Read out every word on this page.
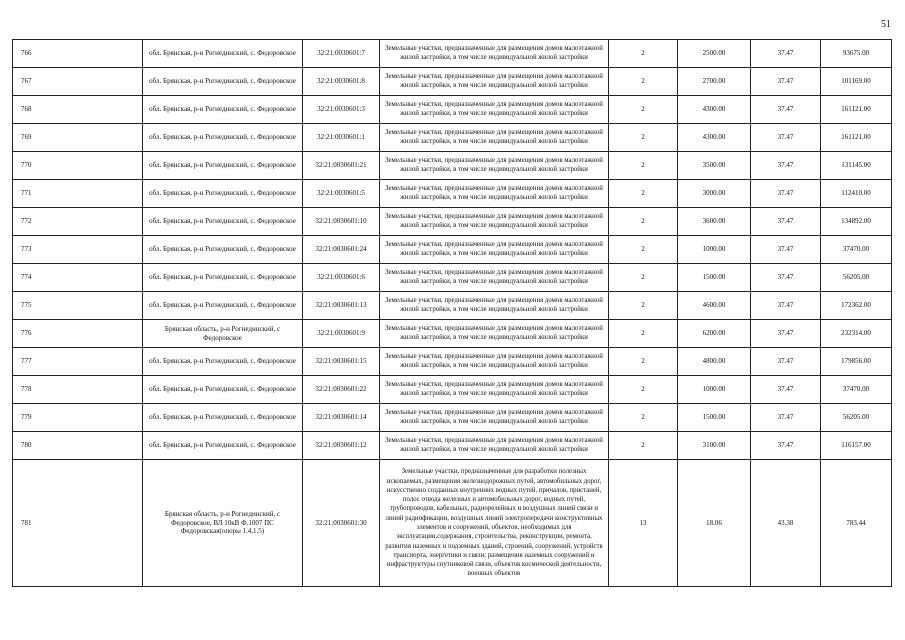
51
766	обл. Брянская, р-н Рогнединский, с. Федоровское	32:21:0030601:7	Земельные участки, предназначенные для размещения домов малоэтажной жилой застройки, в том числе индивидуальной жилой застройки	2	2500.00	37.47	93675.00
767	обл. Брянская, р-н Рогнединский, с. Федоровское	32:21:0030601:8	Земельные участки, предназначенные для размещения домов малоэтажной жилой застройки, в том числе индивидуальной жилой застройки	2	2700.00	37.47	101169.00
768	обл. Брянская, р-н Рогнединский, с. Федоровское	32:21:0030601:3	Земельные участки, предназначенные для размещения домов малоэтажной жилой застройки, в том числе индивидуальной жилой застройки	2	4300.00	37.47	161121.00
769	обл. Брянская, р-н Рогнединский, с. Федоровское	32:21:0030601:1	Земельные участки, предназначенные для размещения домов малоэтажной жилой застройки, в том числе индивидуальной жилой застройки	2	4300.00	37.47	161121.00
770	обл. Брянская, р-н Рогнединский, с. Федоровское	32:21:0030601:21	Земельные участки, предназначенные для размещения домов малоэтажной жилой застройки, в том числе индивидуальной жилой застройки	2	3500.00	37.47	131145.00
771	обл. Брянская, р-н Рогнединский, с. Федоровское	32:21:0030601:5	Земельные участки, предназначенные для размещения домов малоэтажной жилой застройки, в том числе индивидуальной жилой застройки	2	3000.00	37.47	112410.00
772	обл. Брянская, р-н Рогнединский, с. Федоровское	32:21:0030601:10	Земельные участки, предназначенные для размещения домов малоэтажной жилой застройки, в том числе индивидуальной жилой застройки	2	3600.00	37.47	134892.00
773	обл. Брянская, р-н Рогнединский, с. Федоровское	32:21:0030601:24	Земельные участки, предназначенные для размещения домов малоэтажной жилой застройки, в том числе индивидуальной жилой застройки	2	1000.00	37.47	37470.00
774	обл. Брянская, р-н Рогнединский, с. Федоровское	32:21:0030601:6	Земельные участки, предназначенные для размещения домов малоэтажной жилой застройки, в том числе индивидуальной жилой застройки	2	1500.00	37.47	56205.00
775	обл. Брянская, р-н Рогнединский, с. Федоровское	32:21:0030601:13	Земельные участки, предназначенные для размещения домов малоэтажной жилой застройки, в том числе индивидуальной жилой застройки	2	4600.00	37.47	172362.00
776	Брянская область, р-н Рогнединский, с Федоровское	32:21:0030601:9	Земельные участки, предназначенные для размещения домов малоэтажной жилой застройки, в том числе индивидуальной жилой застройки	2	6200.00	37.47	232314.00
777	обл. Брянская, р-н Рогнединский, с. Федоровское	32:21:0030601:15	Земельные участки, предназначенные для размещения домов малоэтажной жилой застройки, в том числе индивидуальной жилой застройки	2	4800.00	37.47	179856.00
778	обл. Брянская, р-н Рогнединский, с. Федоровское	32:21:0030601:22	Земельные участки, предназначенные для размещения домов малоэтажной жилой застройки, в том числе индивидуальной жилой застройки	2	1000.00	37.47	37470.00
779	обл. Брянская, р-н Рогнединский, с. Федоровское	32:21:0030601:14	Земельные участки, предназначенные для размещения домов малоэтажной жилой застройки, в том числе индивидуальной жилой застройки	2	1500.00	37.47	56205.00
780	обл. Брянская, р-н Рогнединский, с. Федоровское	32:21:0030601:12	Земельные участки, предназначенные для размещения домов малоэтажной жилой застройки, в том числе индивидуальной жилой застройки	2	3100.00	37.47	116157.00
781	Брянская область, р-н Рогнединский, с Федоровское, ВЛ 10кВ Ф.1007 ПС Федоровская(опоры 1.4,1.5)	32:21:0030601:30	Земельные участки, предназначенные для разработки полезных ископаемых, размещения железнодорожных путей, автомобильных дорог, искусственно созданных внутренних водных путей, причалов, пристаней, полос отвода железных и автомобильных дорог, водных путей, трубопроводов, кабельных, радиорелейных и воздушных линий связи и линий радиофикации, воздушных линий электропередачи конструктивных элементов и сооружений, объектов, необходимых для эксплуатации,содержания, строительства, реконструкции, ремонта, развития наземных и подземных зданий, строений, сооружений, устройств транспорта, энергетики и связи; размещения наземных сооружений и инфраструктуры спутниковой связи, объектов космической деятельности, военных объектов	13	18.06	43.38	783.44
